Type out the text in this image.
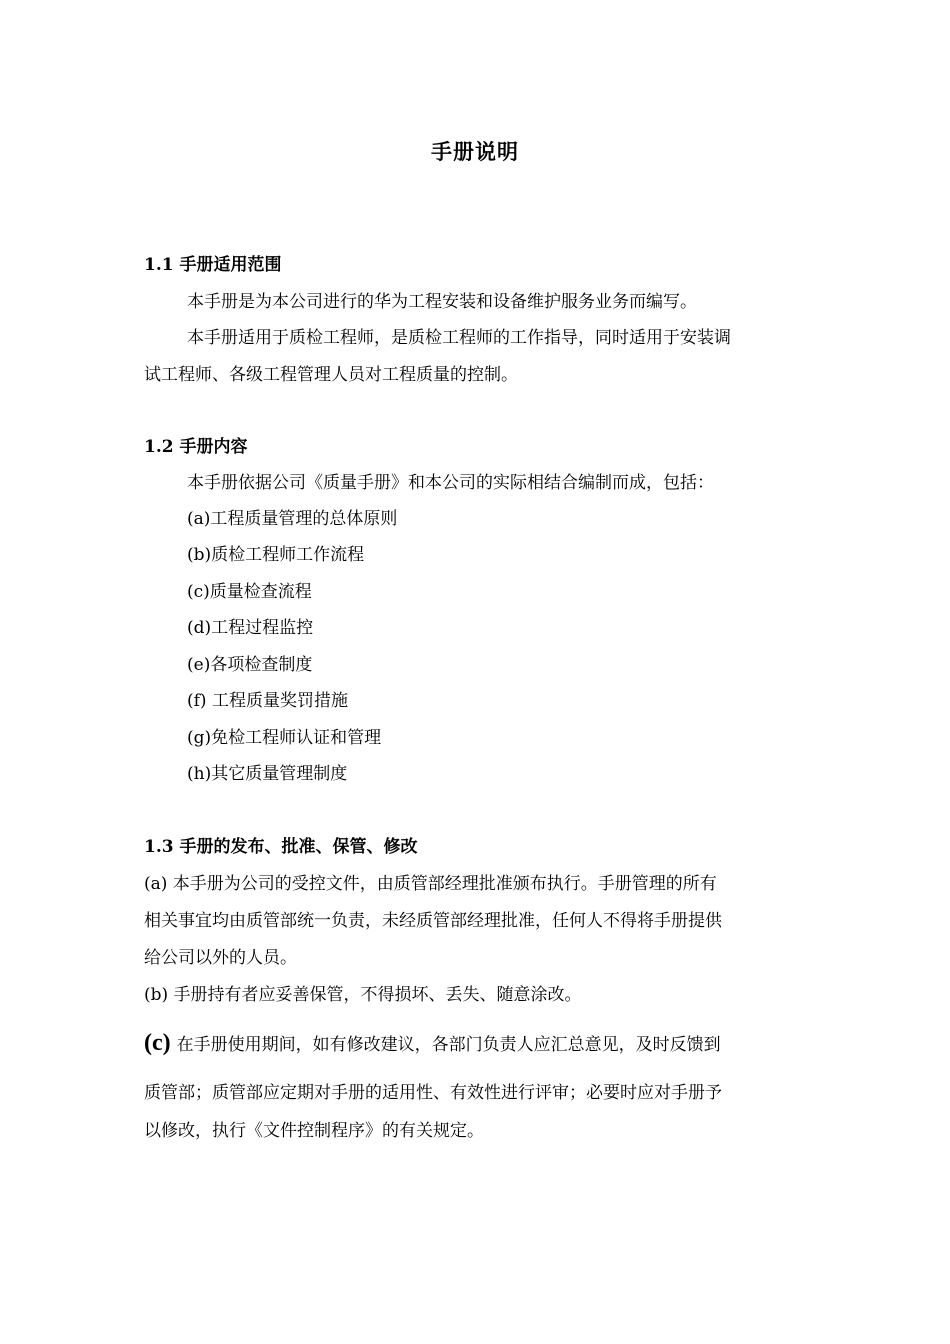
手册说明
1.1 手册适用范围
本手册是为本公司进行的华为工程安装和设备维护服务业务而编写。
本手册适用于质检工程师，是质检工程师的工作指导，同时适用于安装调
试工程师、各级工程管理人员对工程质量的控制。
1.2 手册内容
本手册依据公司《质量手册》和本公司的实际相结合编制而成，包括：
(a)工程质量管理的总体原则
(b)质检工程师工作流程
(c)质量检查流程
(d)工程过程监控
(e)各项检查制度
(f) 工程质量奖罚措施
(g)免检工程师认证和管理
(h)其它质量管理制度
1.3 手册的发布、批准、保管、修改
(a) 本手册为公司的受控文件，由质管部经理批准颁布执行。手册管理的所有
相关事宜均由质管部统一负责，未经质管部经理批准，任何人不得将手册提供
给公司以外的人员。
(b) 手册持有者应妥善保管，不得损坏、丢失、随意涂改。
(c) 在手册使用期间，如有修改建议，各部门负责人应汇总意见，及时反馈到
质管部；质管部应定期对手册的适用性、有效性进行评审；必要时应对手册予
以修改，执行《文件控制程序》的有关规定。
